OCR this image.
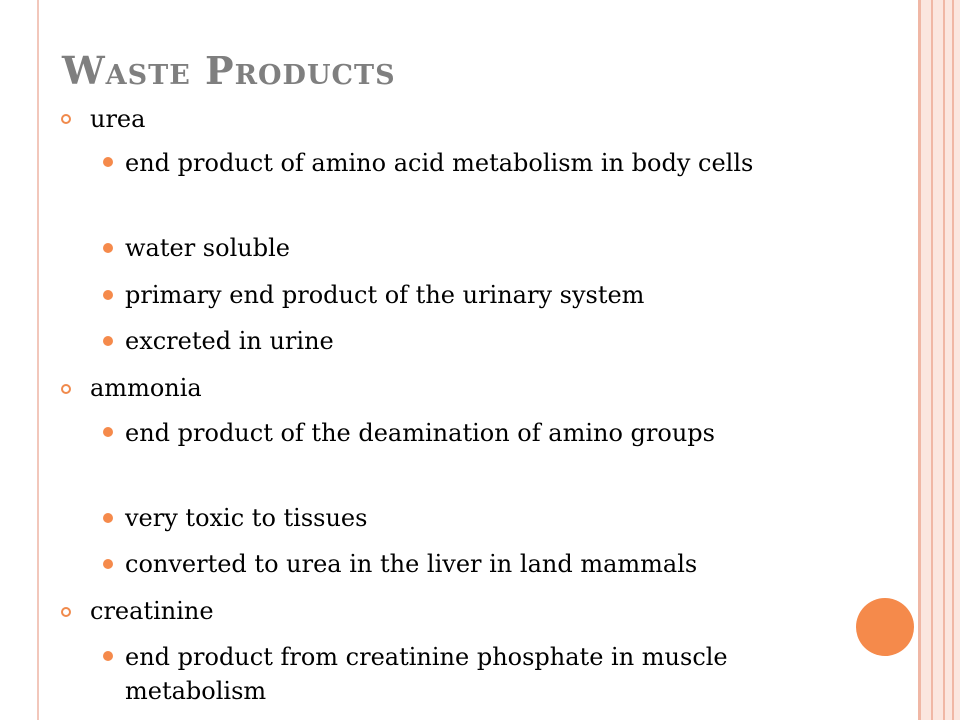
Waste Products
urea
end product of amino acid metabolism in body cells
water soluble
primary end product of the urinary system
excreted in urine
ammonia
end product of the deamination of amino groups
very toxic to tissues
converted to urea in the liver in land mammals
creatinine
end product from creatinine phosphate in muscle metabolism
